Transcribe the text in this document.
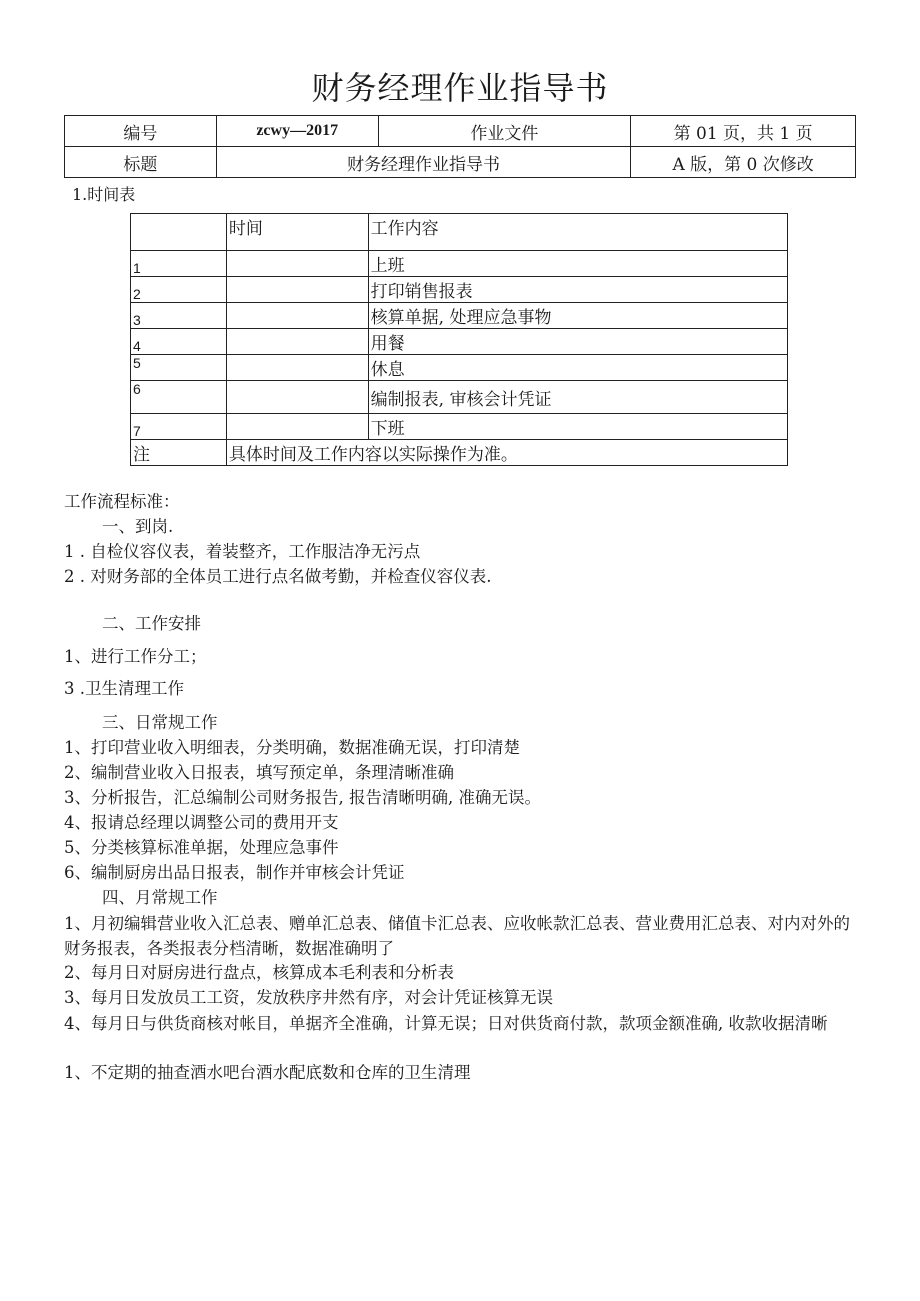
财务经理作业指导书
编号	zcwy—2017	作业文件	第 01 页，共 1 页
标题	财务经理作业指导书		A 版，第 0 次修改
1.时间表
	时间	工作内容
1		上班
2		打印销售报表
3		核算单据, 处理应急事物
4		用餐
5		休息
6		编制报表, 审核会计凭证
7		下班
注	具体时间及工作内容以实际操作为准。	
工作流程标准：
一、到岗.
1 . 自检仪容仪表，着装整齐，工作服洁净无污点
2 . 对财务部的全体员工进行点名做考勤，并检查仪容仪表.
二、工作安排
1、进行工作分工；
3 .卫生清理工作
三、日常规工作
1、打印营业收入明细表，分类明确，数据准确无误，打印清楚
2、编制营业收入日报表，填写预定单，条理清晰准确
3、分析报告，汇总编制公司财务报告, 报告清晰明确, 准确无误。
4、报请总经理以调整公司的费用开支
5、分类核算标准单据，处理应急事件
6、编制厨房出品日报表，制作并审核会计凭证
四、月常规工作
1、月初编辑营业收入汇总表、赠单汇总表、储值卡汇总表、应收帐款汇总表、营业费用汇总表、对内对外的财务报表，各类报表分档清晰，数据准确明了
2、每月日对厨房进行盘点，核算成本毛利表和分析表
3、每月日发放员工工资，发放秩序井然有序，对会计凭证核算无误
4、每月日与供货商核对帐目，单据齐全准确，计算无误；日对供货商付款，款项金额准确, 收款收据清晰
1、不定期的抽查酒水吧台酒水配底数和仓库的卫生清理
